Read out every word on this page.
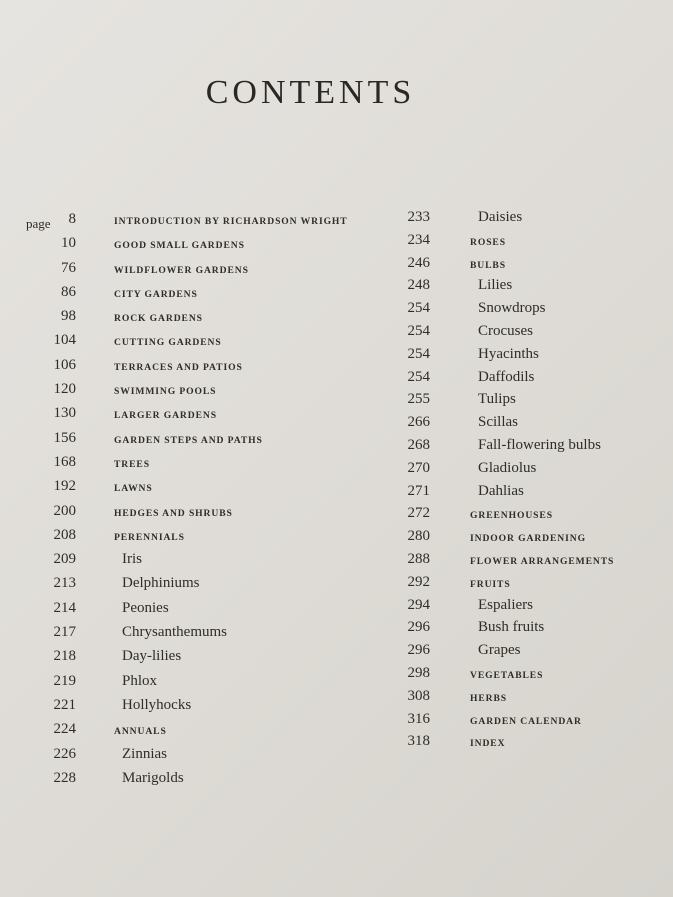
CONTENTS
page	8	INTRODUCTION BY RICHARDSON WRIGHT
10	GOOD SMALL GARDENS
76	WILDFLOWER GARDENS
86	CITY GARDENS
98	ROCK GARDENS
104	CUTTING GARDENS
106	TERRACES AND PATIOS
120	SWIMMING POOLS
130	LARGER GARDENS
156	GARDEN STEPS AND PATHS
168	TREES
192	LAWNS
200	HEDGES AND SHRUBS
208	PERENNIALS
209	Iris
213	Delphiniums
214	Peonies
217	Chrysanthemums
218	Day-lilies
219	Phlox
221	Hollyhocks
224	ANNUALS
226	Zinnias
228	Marigolds
233	Daisies
234	ROSES
246	BULBS
248	Lilies
254	Snowdrops
254	Crocuses
254	Hyacinths
254	Daffodils
255	Tulips
266	Scillas
268	Fall-flowering bulbs
270	Gladiolus
271	Dahlias
272	GREENHOUSES
280	INDOOR GARDENING
288	FLOWER ARRANGEMENTS
292	FRUITS
294	Espaliers
296	Bush fruits
296	Grapes
298	VEGETABLES
308	HERBS
316	GARDEN CALENDAR
318	INDEX
